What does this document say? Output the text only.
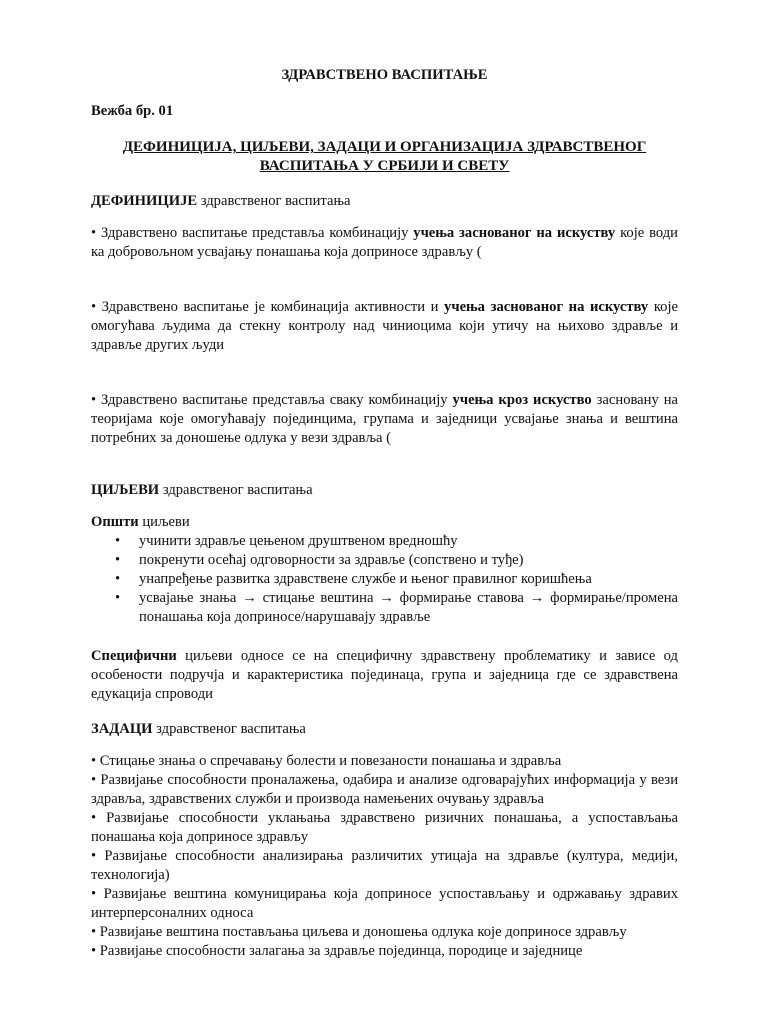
ЗДРАВСТВЕНО ВАСПИТАЊЕ

Вежба бр. 01

ДЕФИНИЦИЈА, ЦИЉЕВИ, ЗАДАЦИ И ОРГАНИЗАЦИЈА ЗДРАВСТВЕНОГ
ВАСПИТАЊА У СРБИЈИ И СВЕТУ

ДЕФИНИЦИЈЕ здравственог васпитања

• Здравствено васпитање представља комбинацију учења заснованог на искуству које води ка добровољном усвајању понашања која доприносе здрављу (

• Здравствено васпитање је комбинација активности и учења заснованог на искуству које омогућава људима да стекну контролу над чиниоцима који утичу на њихово здравље и здравље других људи

• Здравствено васпитање представља сваку комбинацију учења кроз искуство засновану на теоријама које омогућавају појединцима, групама и заједници усвајање знања и вештина потребних за доношење одлука у вези здравља (

ЦИЉЕВИ здравственог васпитања

Општи циљеви

• учинити здравље цењеном друштвеном вредношћу
• покренути осећај одговорности за здравље (сопствено и туђе)
• унапређење развитка здравствене службе и њеног правилног коришћења
• усвајање знања → стицање вештина → формирање ставова → формирање/промена понашања која доприносе/нарушавају здравље

Специфични циљеви односе се на специфичну здравствену проблематику и зависе од особености подручја и карактеристика појединаца, група и заједница где се здравствена едукација спроводи

ЗАДАЦИ здравственог васпитања

• Стицање знања о спречавању болести и повезаности понашања и здравља

• Развијање способности проналажења, одабира и анализе одговарајућих информација у вези здравља, здравствених служби и производа намењених очувању здравља

• Развијање способности уклањања здравствено ризичних понашања, а успостављања понашања која доприносе здрављу

• Развијање способности анализирања различитих утицаја на здравље (култура, медији, технологија)

• Развијање вештина комуницирања која доприносе успостављању и одржавању здравих интерперсоналних односа

• Развијање вештина постављања циљева и доношења одлука које доприносе здрављу

• Развијање способности залагања за здравље појединца, породице и заједнице
